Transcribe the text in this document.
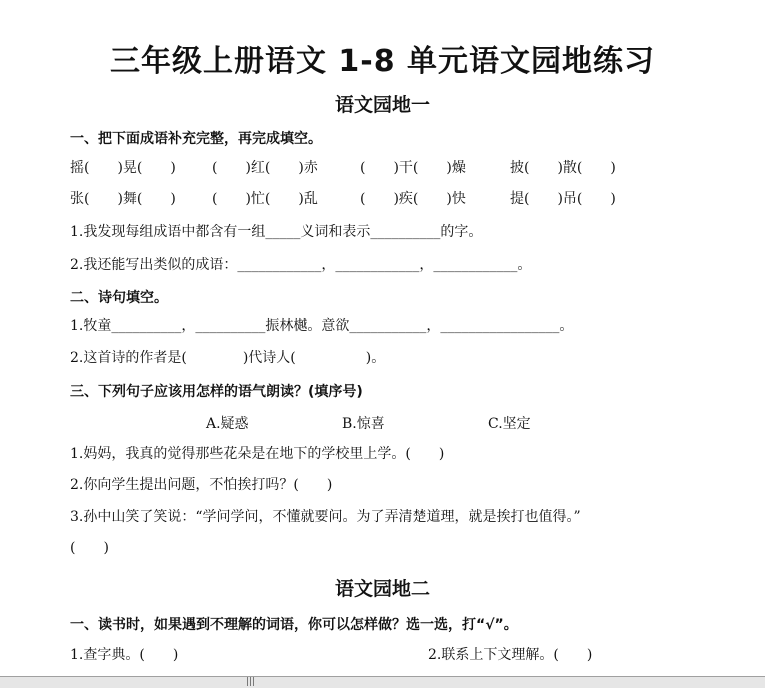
三年级上册语文 1-8 单元语文园地练习
语文园地一
一、把下面成语补充完整，再完成填空。
摇(　　)晃(　　)	(　　)红(　　)赤	(　　)干(　　)燥	披(　　)散(　　)
张(　　)舞(　　)	(　　)忙(　　)乱	(　　)疾(　　)快	提(　　)吊(　　)
1.我发现每组成语中都含有一组_____义词和表示__________的字。
2.我还能写出类似的成语：____________，____________，____________。
二、诗句填空。
1.牧童__________，__________振林樾。意欲___________，_________________。
2.这首诗的作者是(　　　　)代诗人(　　　　　)。
三、下列句子应该用怎样的语气朗读？(填序号)
A.疑惑	B.惊喜	C.坚定
1.妈妈，我真的觉得那些花朵是在地下的学校里上学。(　　)
2.你向学生提出问题，不怕挨打吗？(　　)
3.孙中山笑了笑说：“学问学问，不懂就要问。为了弄清楚道理，就是挨打也值得。”
(　　)
语文园地二
一、读书时，如果遇到不理解的词语，你可以怎样做？选一选，打“√”。
1.查字典。(　　)	2.联系上下文理解。(　　)
|||
